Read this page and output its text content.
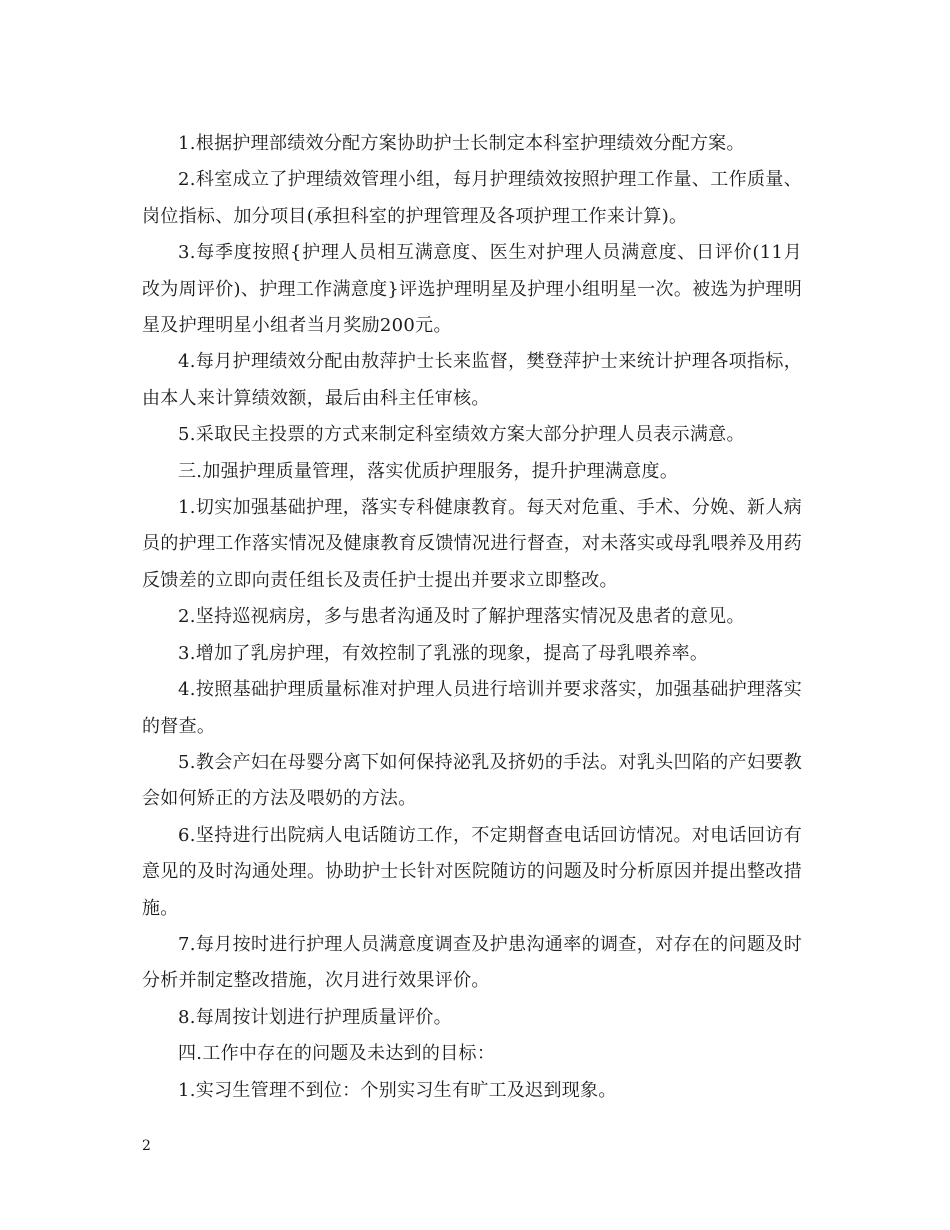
1.根据护理部绩效分配方案协助护士长制定本科室护理绩效分配方案。

2.科室成立了护理绩效管理小组，每月护理绩效按照护理工作量、工作质量、岗位指标、加分项目(承担科室的护理管理及各项护理工作来计算)。

3.每季度按照{护理人员相互满意度、医生对护理人员满意度、日评价(11月改为周评价)、护理工作满意度}评选护理明星及护理小组明星一次。被选为护理明星及护理明星小组者当月奖励200元。

4.每月护理绩效分配由敖萍护士长来监督，樊登萍护士来统计护理各项指标，由本人来计算绩效额，最后由科主任审核。

5.采取民主投票的方式来制定科室绩效方案大部分护理人员表示满意。

三.加强护理质量管理，落实优质护理服务，提升护理满意度。

1.切实加强基础护理，落实专科健康教育。每天对危重、手术、分娩、新人病员的护理工作落实情况及健康教育反馈情况进行督查，对未落实或母乳喂养及用药反馈差的立即向责任组长及责任护士提出并要求立即整改。

2.坚持巡视病房，多与患者沟通及时了解护理落实情况及患者的意见。

3.增加了乳房护理，有效控制了乳涨的现象，提高了母乳喂养率。

4.按照基础护理质量标准对护理人员进行培训并要求落实，加强基础护理落实的督查。

5.教会产妇在母婴分离下如何保持泌乳及挤奶的手法。对乳头凹陷的产妇要教会如何矫正的方法及喂奶的方法。

6.坚持进行出院病人电话随访工作，不定期督查电话回访情况。对电话回访有意见的及时沟通处理。协助护士长针对医院随访的问题及时分析原因并提出整改措施。

7.每月按时进行护理人员满意度调查及护患沟通率的调查，对存在的问题及时分析并制定整改措施，次月进行效果评价。

8.每周按计划进行护理质量评价。

四.工作中存在的问题及未达到的目标：

1.实习生管理不到位：个别实习生有旷工及迟到现象。

2
